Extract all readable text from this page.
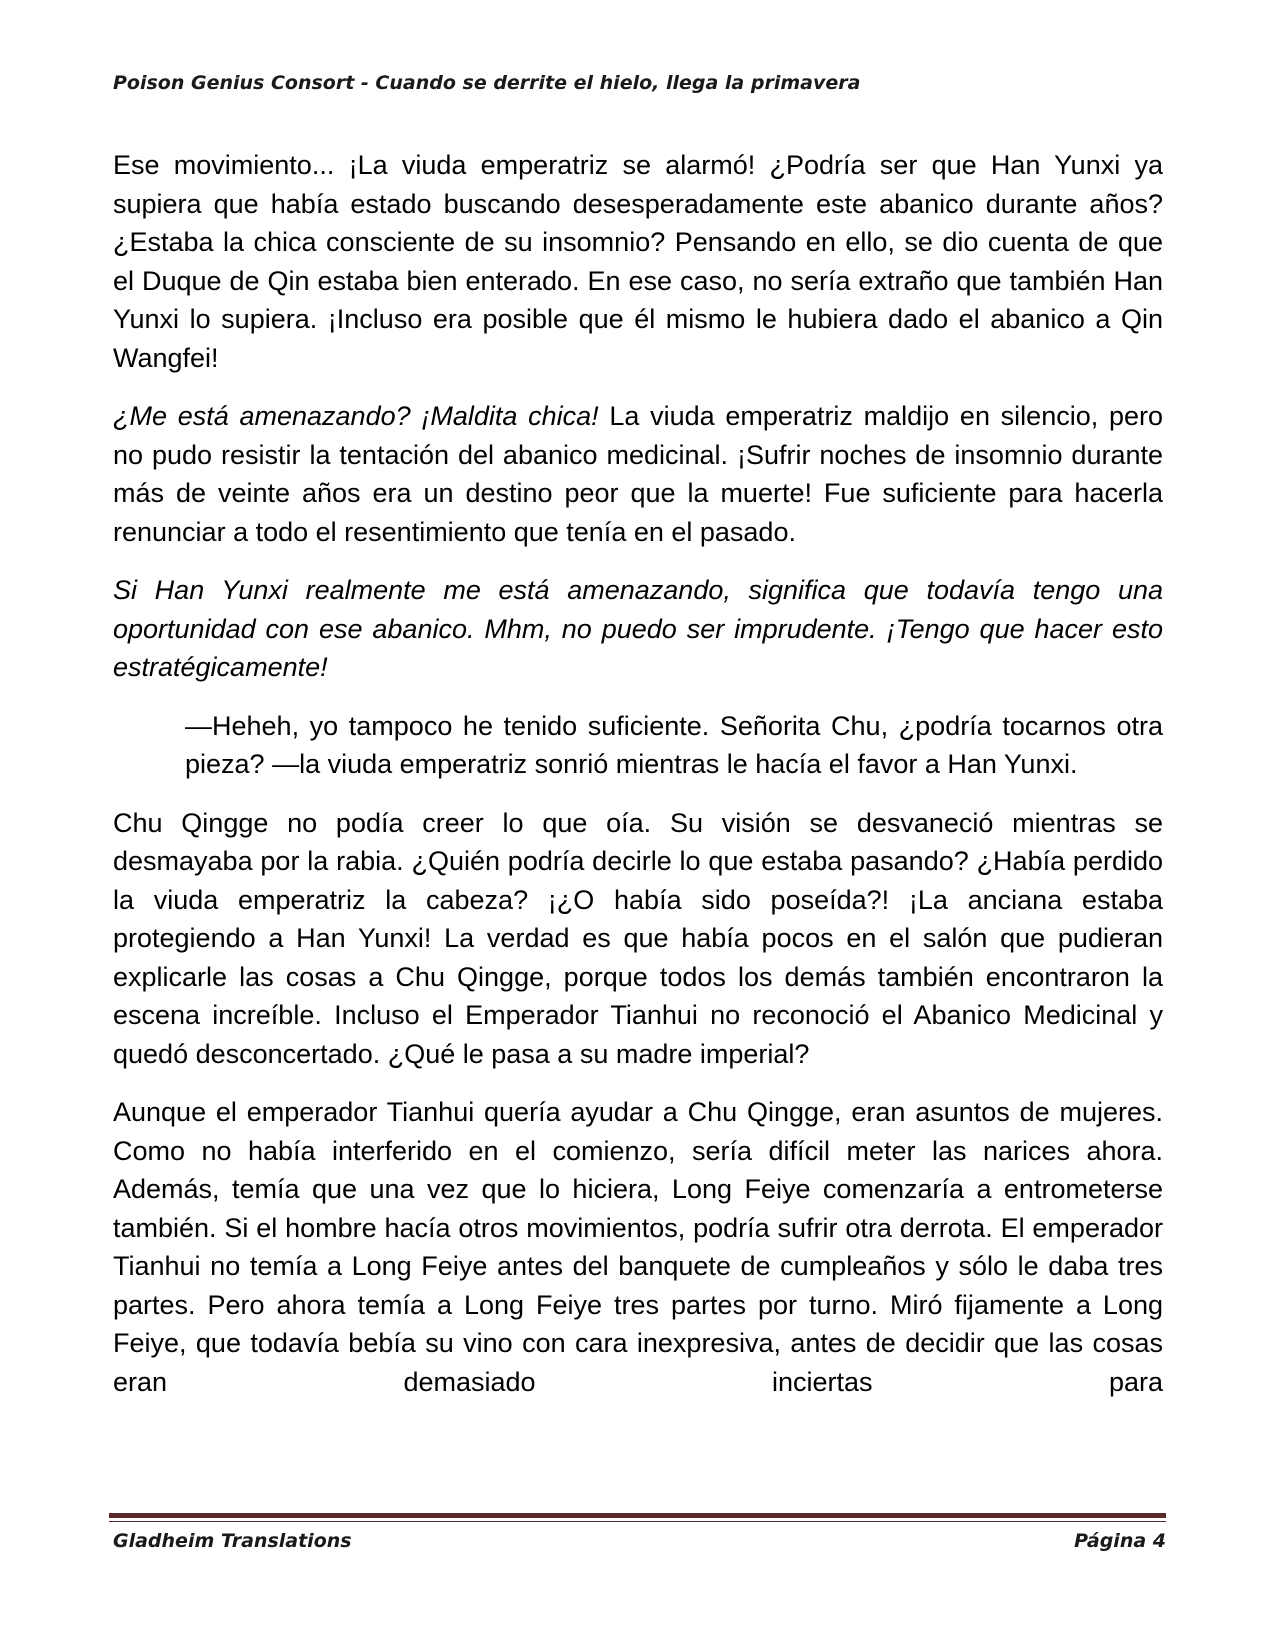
Poison Genius Consort - Cuando se derrite el hielo, llega la primavera

Ese movimiento... ¡La viuda emperatriz se alarmó! ¿Podría ser que Han Yunxi ya supiera que había estado buscando desesperadamente este abanico durante años? ¿Estaba la chica consciente de su insomnio? Pensando en ello, se dio cuenta de que el Duque de Qin estaba bien enterado. En ese caso, no sería extraño que también Han Yunxi lo supiera. ¡Incluso era posible que él mismo le hubiera dado el abanico a Qin Wangfei!

¿Me está amenazando? ¡Maldita chica! La viuda emperatriz maldijo en silencio, pero no pudo resistir la tentación del abanico medicinal. ¡Sufrir noches de insomnio durante más de veinte años era un destino peor que la muerte! Fue suficiente para hacerla renunciar a todo el resentimiento que tenía en el pasado.

Si Han Yunxi realmente me está amenazando, significa que todavía tengo una oportunidad con ese abanico. Mhm, no puedo ser imprudente. ¡Tengo que hacer esto estratégicamente!

—Heheh, yo tampoco he tenido suficiente. Señorita Chu, ¿podría tocarnos otra pieza? —la viuda emperatriz sonrió mientras le hacía el favor a Han Yunxi.

Chu Qingge no podía creer lo que oía. Su visión se desvaneció mientras se desmayaba por la rabia. ¿Quién podría decirle lo que estaba pasando? ¿Había perdido la viuda emperatriz la cabeza? ¡¿O había sido poseída?! ¡La anciana estaba protegiendo a Han Yunxi! La verdad es que había pocos en el salón que pudieran explicarle las cosas a Chu Qingge, porque todos los demás también encontraron la escena increíble. Incluso el Emperador Tianhui no reconoció el Abanico Medicinal y quedó desconcertado. ¿Qué le pasa a su madre imperial?

Aunque el emperador Tianhui quería ayudar a Chu Qingge, eran asuntos de mujeres. Como no había interferido en el comienzo, sería difícil meter las narices ahora. Además, temía que una vez que lo hiciera, Long Feiye comenzaría a entrometerse también. Si el hombre hacía otros movimientos, podría sufrir otra derrota. El emperador Tianhui no temía a Long Feiye antes del banquete de cumpleaños y sólo le daba tres partes. Pero ahora temía a Long Feiye tres partes por turno. Miró fijamente a Long Feiye, que todavía bebía su vino con cara inexpresiva, antes de decidir que las cosas eran demasiado inciertas para

Gladheim Translations	Página 4
